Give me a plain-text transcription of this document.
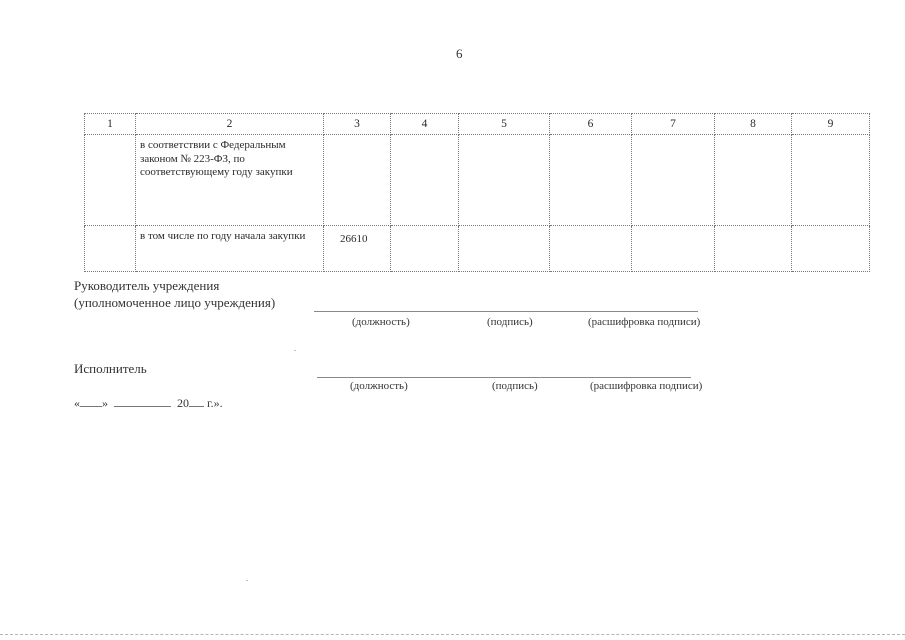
6
1	2	3	4	5	6	7	8	9
	в соответствии с Федеральным законом № 223-ФЗ, по соответствующему году закупки							
	в том числе по году начала закупки	26610						
Руководитель учреждения
(уполномоченное лицо учреждения)
(должность)	(подпись)	(расшифровка подписи)
Исполнитель
(должность)	(подпись)	(расшифровка подписи)
« »	20 г.».
